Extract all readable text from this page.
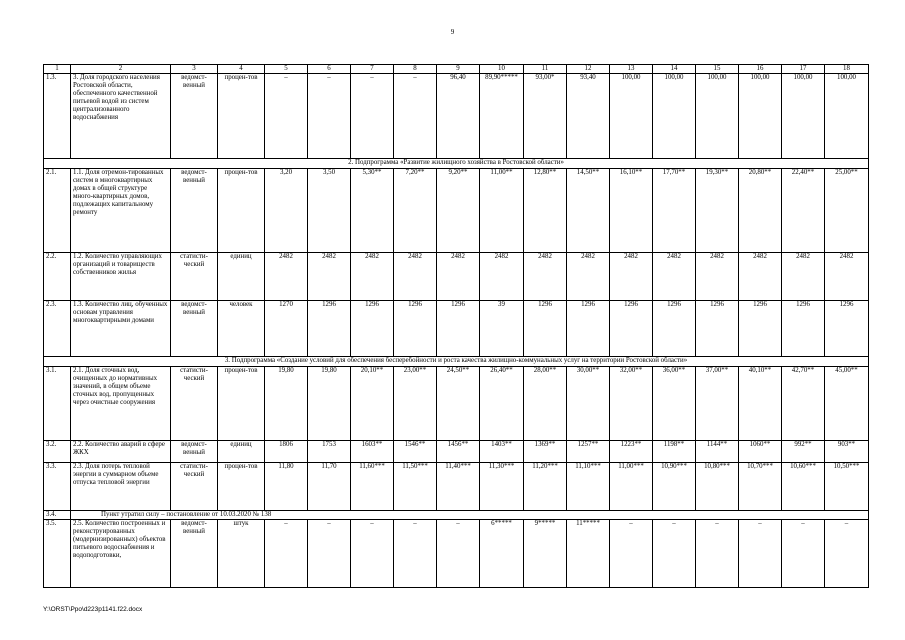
9
1	2	3	4	5	6	7	8	9	10	11	12	13	14	15	16	17	18
1.3.	3. Доля городского населения Ростовской области, обеспеченного качественной питьевой водой из систем централизованного водоснабжения	ведомст-венный	процен-тов	–	–	–	–	96,40	89,90*****	93,00*	93,40	100,00	100,00	100,00	100,00	100,00	100,00
2. Подпрограмма «Развитие жилищного хозяйства в Ростовской области»																	
2.1.	1.1. Доля отремон-тированных систем в многоквартирных домах в общей структуре много-квартирных домов, подлежащих капитальному ремонту	ведомст-венный	процен-тов	3,20	3,50	5,30**	7,20**	9,20**	11,00**	12,80**	14,50**	16,10**	17,70**	19,30**	20,80**	22,40**	25,00**
2.2.	1.2. Количество управляющих организаций и товариществ собственников жилья	статисти-ческий	единиц	2482	2482	2482	2482	2482	2482	2482	2482	2482	2482	2482	2482	2482	2482
2.3.	1.3. Количество лиц, обученных основам управления многоквартирными домами	ведомст-венный	человек	1270	1296	1296	1296	1296	39	1296	1296	1296	1296	1296	1296	1296	1296
3. Подпрограмма «Создание условий для обеспечения бесперебойности и роста качества жилищно-коммунальных услуг на территории Ростовской области»																	
3.1.	2.1. Доля сточных вод, очищенных до нормативных значений, в общем объеме сточных вод, пропущенных через очистные сооружения	статисти-ческий	процен-тов	19,80	19,80	20,10**	23,00**	24,50**	26,40**	28,00**	30,00**	32,00**	36,00**	37,00**	40,10**	42,70**	45,00**
3.2.	2.2. Количество аварий в сфере ЖКХ	ведомст-венный	единиц	1806	1753	1603**	1546**	1456**	1403**	1369**	1257**	1223**	1198**	1144**	1060**	992**	903**
3.3.	2.3. Доля потерь тепловой энергии в суммарном объеме отпуска тепловой энергии	статисти-ческий	процен-тов	11,80	11,70	11,60***	11,50***	11,40***	11,30***	11,20***	11,10***	11,00***	10,90***	10,80***	10,70***	10,60***	10,50***
3.4.	Пункт утратил силу – постановление от 10.03.2020 № 138																
3.5.	2.5. Количество построенных и реконструированных (модернизированных) объектов питьевого водоснабжения и водоподготовки,	ведомст-венный	штук	–	–	–	–	–	6*****	9*****	11*****	–	–	–	–	–	–
Y:\ORST\Ppo\d223p1141.f22.docx
